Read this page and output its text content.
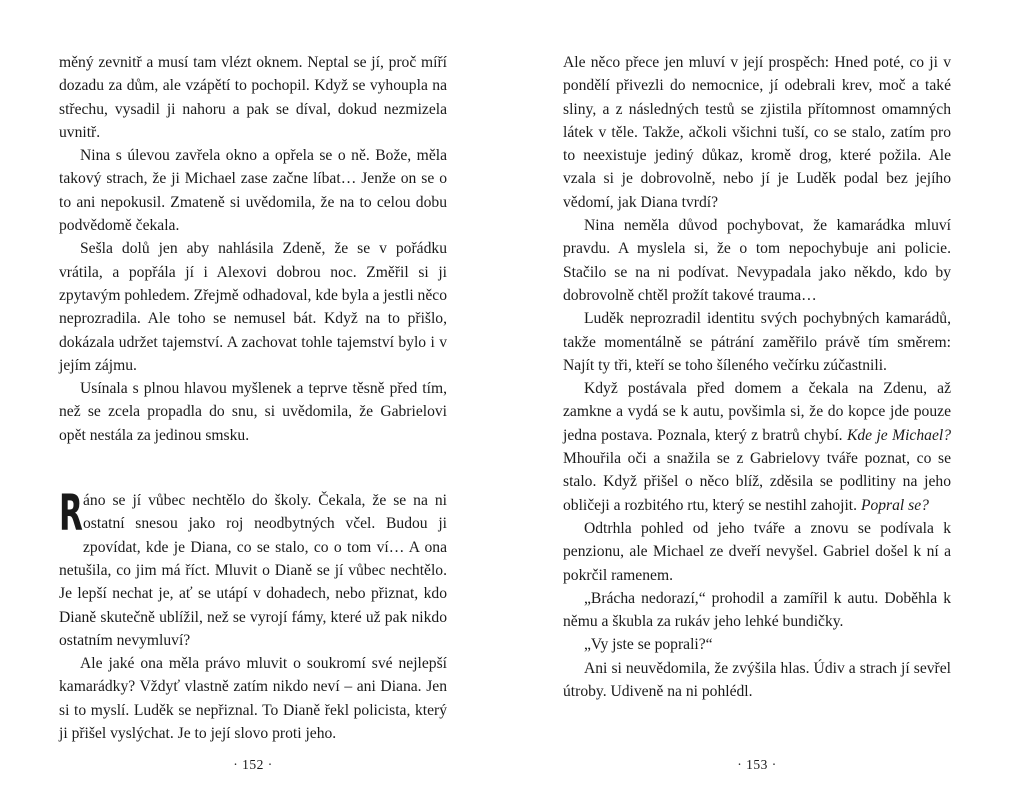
měný zevnitř a musí tam vlézt oknem. Neptal se jí, proč míří dozadu za dům, ale vzápětí to pochopil. Když se vyhoupla na střechu, vysadil ji nahoru a pak se díval, dokud nezmizela uvnitř.

Nina s úlevou zavřela okno a opřela se o ně. Bože, měla takový strach, že ji Michael zase začne líbat… Jenže on se o to ani nepokusil. Zmateně si uvědomila, že na to celou dobu podvědomě čekala.

Sešla dolů jen aby nahlásila Zdeně, že se v pořádku vrátila, a popřála jí i Alexovi dobrou noc. Změřil si ji zpytavým pohledem. Zřejmě odhadoval, kde byla a jestli něco neprozradila. Ale toho se nemusel bát. Když na to přišlo, dokázala udržet tajemství. A zachovat tohle tajemství bylo i v jejím zájmu.

Usínala s plnou hlavou myšlenek a teprve těsně před tím, než se zcela propadla do snu, si uvědomila, že Gabrielovi opět nestála za jedinou smsku.

Ráno se jí vůbec nechtělo do školy. Čekala, že se na ni ostatní snesou jako roj neodbytných včel. Budou ji zpovídat, kde je Diana, co se stalo, co o tom ví… A ona netušila, co jim má říct. Mluvit o Dianě se jí vůbec nechtělo. Je lepší nechat je, ať se utápí v dohadech, nebo přiznat, kdo Dianě skutečně ublížil, než se vyrojí fámy, které už pak nikdo ostatním nevymluví?

Ale jaké ona měla právo mluvit o soukromí své nejlepší kamarádky? Vždyť vlastně zatím nikdo neví – ani Diana. Jen si to myslí. Luděk se nepřiznal. To Dianě řekl policista, který ji přišel vyslýchat. Je to její slovo proti jeho.

· 152 ·

Ale něco přece jen mluví v její prospěch: Hned poté, co ji v pondělí přivezli do nemocnice, jí odebrali krev, moč a také sliny, a z následných testů se zjistila přítomnost omamných látek v těle. Takže, ačkoli všichni tuší, co se stalo, zatím pro to neexistuje jediný důkaz, kromě drog, které požila. Ale vzala si je dobrovolně, nebo jí je Luděk podal bez jejího vědomí, jak Diana tvrdí?

Nina neměla důvod pochybovat, že kamarádka mluví pravdu. A myslela si, že o tom nepochybuje ani policie. Stačilo se na ni podívat. Nevypadala jako někdo, kdo by dobrovolně chtěl prožít takové trauma…

Luděk neprozradil identitu svých pochybných kamarádů, takže momentálně se pátrání zaměřilo právě tím směrem: Najít ty tři, kteří se toho šíleného večírku zúčastnili.

Když postávala před domem a čekala na Zdenu, až zamkne a vydá se k autu, povšimla si, že do kopce jde pouze jedna postava. Poznala, který z bratrů chybí. Kde je Michael? Mhouřila oči a snažila se z Gabrielovy tváře poznat, co se stalo. Když přišel o něco blíž, zděsila se podlitiny na jeho obličeji a rozbitého rtu, který se nestihl zahojit. Popral se?

Odtrhla pohled od jeho tváře a znovu se podívala k penzionu, ale Michael ze dveří nevyšel. Gabriel došel k ní a pokrčil ramenem.

„Brácha nedorazí,“ prohodil a zamířil k autu. Doběhla k němu a škubla za rukáv jeho lehké bundičky.

„Vy jste se poprali?“

Ani si neuvědomila, že zvýšila hlas. Údiv a strach jí sevřel útroby. Udiveně na ni pohlédl.

· 153 ·
